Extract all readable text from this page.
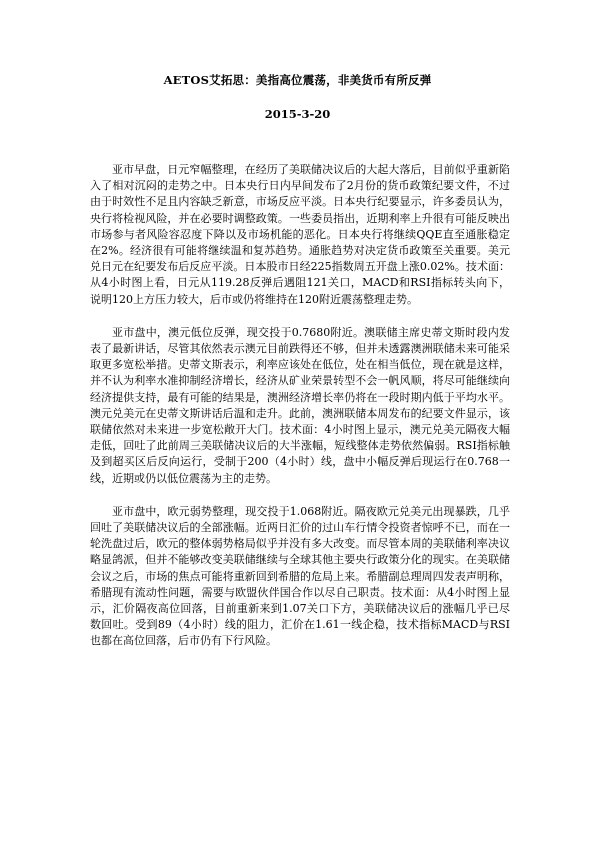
AETOS艾拓思：美指高位震荡，非美货币有所反弹
2015-3-20

亚市早盘，日元窄幅整理，在经历了美联储决议后的大起大落后，目前似乎重新陷入了相对沉闷的走势之中。日本央行日内早间发布了2月份的货币政策纪要文件，不过由于时效性不足且内容缺乏新意，市场反应平淡。日本央行纪要显示，许多委员认为，央行将检视风险，并在必要时调整政策。一些委员指出，近期利率上升很有可能反映出市场参与者风险容忍度下降以及市场机能的恶化。日本央行将继续QQE直至通胀稳定在2%。经济很有可能将继续温和复苏趋势。通胀趋势对决定货币政策至关重要。美元兑日元在纪要发布后反应平淡。日本股市日经225指数周五开盘上涨0.02%。技术面：从4小时图上看，日元从119.28反弹后遇阻121关口，MACD和RSI指标转头向下，说明120上方压力较大，后市或仍将维持在120附近震荡整理走势。

亚市盘中，澳元低位反弹，现交投于0.7680附近。澳联储主席史蒂文斯时段内发表了最新讲话，尽管其依然表示澳元目前跌得还不够，但并未透露澳洲联储未来可能采取更多宽松举措。史蒂文斯表示，利率应该处在低位，处在相当低位，现在就是这样，并不认为利率水准抑制经济增长，经济从矿业荣景转型不会一帆风顺，将尽可能继续向经济提供支持，最有可能的结果是，澳洲经济增长率仍将在一段时期内低于平均水平。澳元兑美元在史蒂文斯讲话后温和走升。此前，澳洲联储本周发布的纪要文件显示，该联储依然对未来进一步宽松敞开大门。技术面：4小时图上显示，澳元兑美元隔夜大幅走低，回吐了此前周三美联储决议后的大半涨幅，短线整体走势依然偏弱。RSI指标触及到超买区后反向运行，受制于200（4小时）线，盘中小幅反弹后现运行在0.768一线，近期或仍以低位震荡为主的走势。

亚市盘中，欧元弱势整理，现交投于1.068附近。隔夜欧元兑美元出现暴跌，几乎回吐了美联储决议后的全部涨幅。近两日汇价的过山车行情令投资者惊呼不已，而在一轮洗盘过后，欧元的整体弱势格局似乎并没有多大改变。而尽管本周的美联储利率决议略显鸽派，但并不能够改变美联储继续与全球其他主要央行政策分化的现实。在美联储会议之后，市场的焦点可能将重新回到希腊的危局上来。希腊副总理周四发表声明称，希腊现有流动性问题，需要与欧盟伙伴国合作以尽自己职责。技术面：从4小时图上显示，汇价隔夜高位回落，目前重新来到1.07关口下方，美联储决议后的涨幅几乎已尽数回吐。受到89（4小时）线的阻力，汇价在1.61一线企稳，技术指标MACD与RSI也都在高位回落，后市仍有下行风险。
